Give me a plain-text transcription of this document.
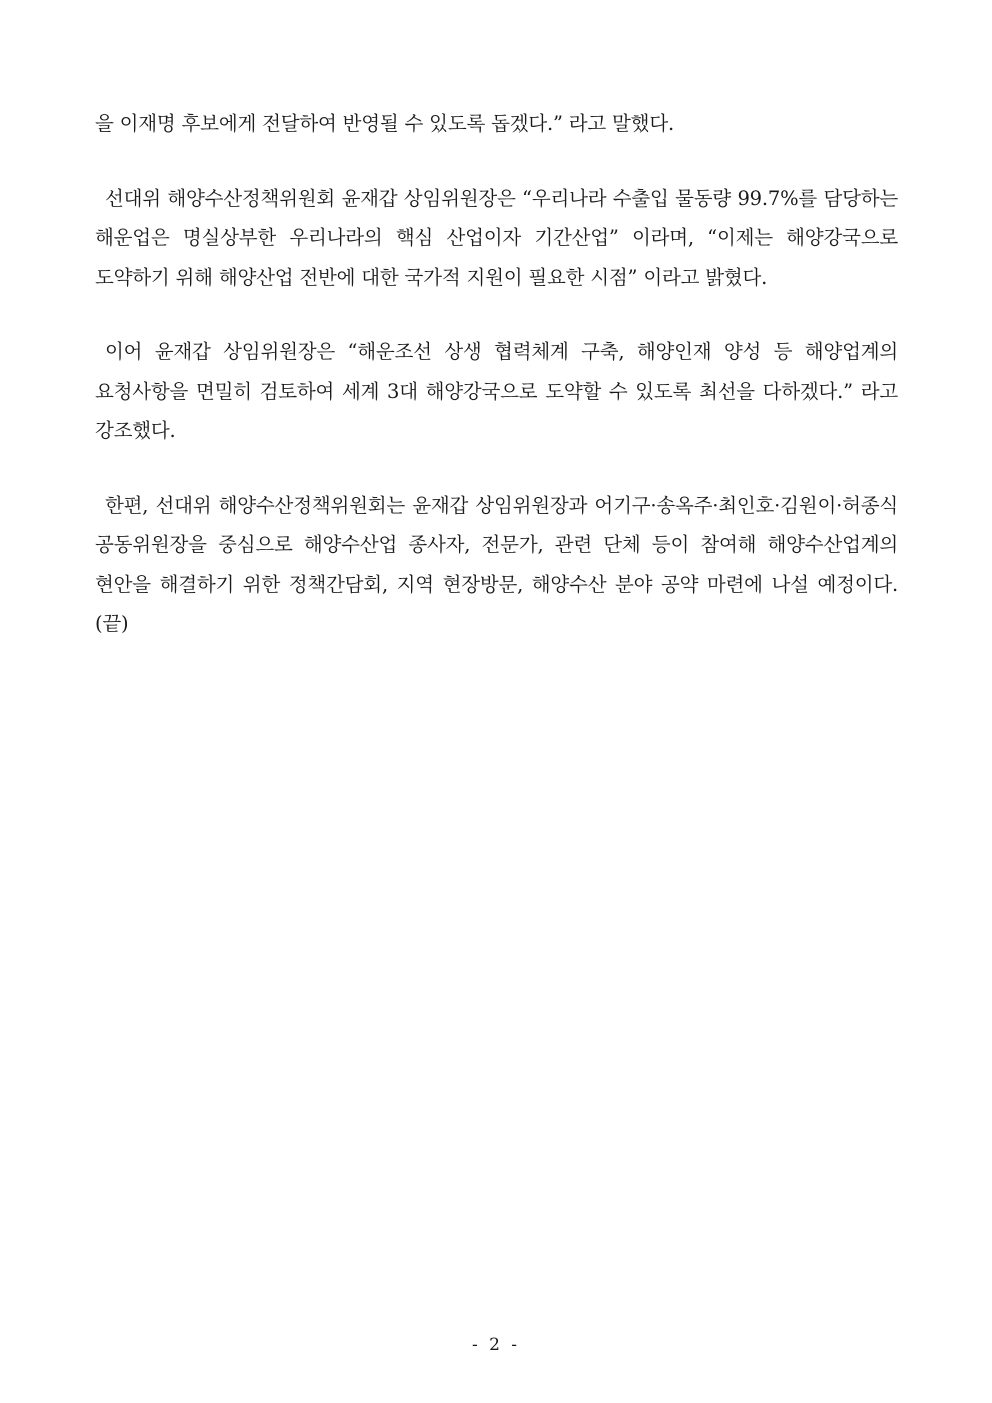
을 이재명 후보에게 전달하여 반영될 수 있도록 돕겠다.” 라고 말했다.

선대위 해양수산정책위원회 윤재갑 상임위원장은 “우리나라 수출입 물동량 99.7%를 담당하는 해운업은 명실상부한 우리나라의 핵심 산업이자 기간산업” 이라며, “이제는 해양강국으로 도약하기 위해 해양산업 전반에 대한 국가적 지원이 필요한 시점” 이라고 밝혔다.

이어 윤재갑 상임위원장은 “해운조선 상생 협력체계 구축, 해양인재 양성 등 해양업계의 요청사항을 면밀히 검토하여 세계 3대 해양강국으로 도약할 수 있도록 최선을 다하겠다.” 라고 강조했다.

한편, 선대위 해양수산정책위원회는 윤재갑 상임위원장과 어기구·송옥주·최인호·김원이·허종식 공동위원장을 중심으로 해양수산업 종사자, 전문가, 관련 단체 등이 참여해 해양수산업계의 현안을 해결하기 위한 정책간담회, 지역 현장방문, 해양수산 분야 공약 마련에 나설 예정이다. (끝)

- 2 -
